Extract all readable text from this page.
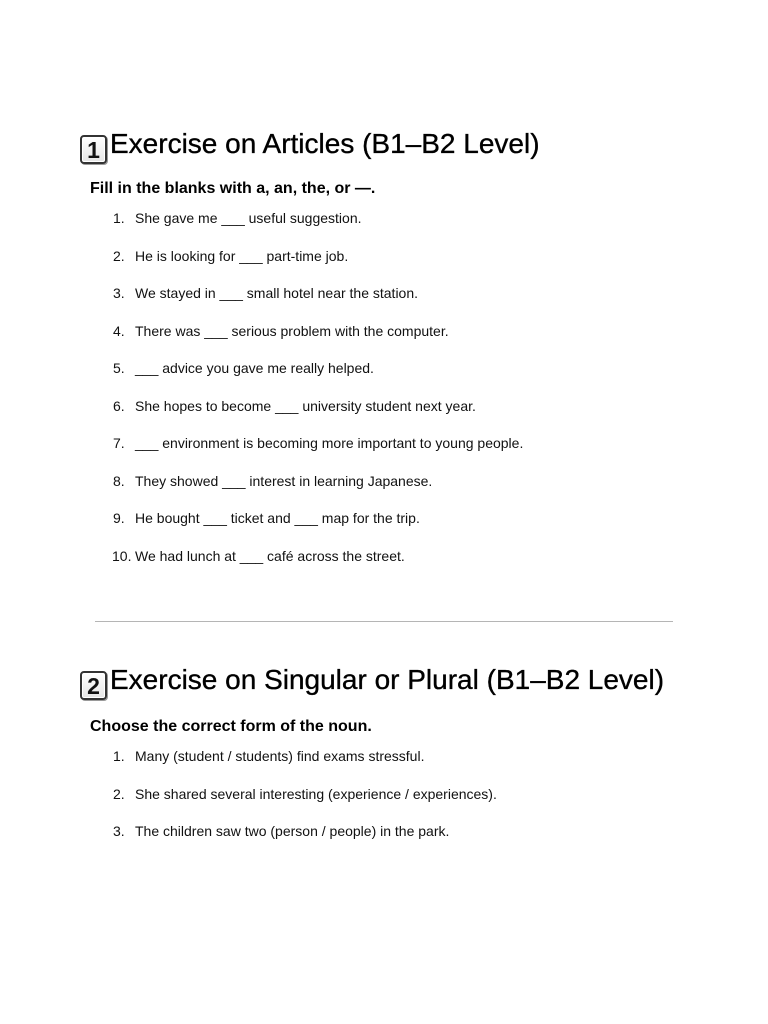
1 Exercise on Articles (B1–B2 Level)

Fill in the blanks with a, an, the, or —.

1. She gave me ___ useful suggestion.
2. He is looking for ___ part-time job.
3. We stayed in ___ small hotel near the station.
4. There was ___ serious problem with the computer.
5. ___ advice you gave me really helped.
6. She hopes to become ___ university student next year.
7. ___ environment is becoming more important to young people.
8. They showed ___ interest in learning Japanese.
9. He bought ___ ticket and ___ map for the trip.
10. We had lunch at ___ café across the street.
2 Exercise on Singular or Plural (B1–B2 Level)

Choose the correct form of the noun.

1. Many (student / students) find exams stressful.
2. She shared several interesting (experience / experiences).
3. The children saw two (person / people) in the park.
